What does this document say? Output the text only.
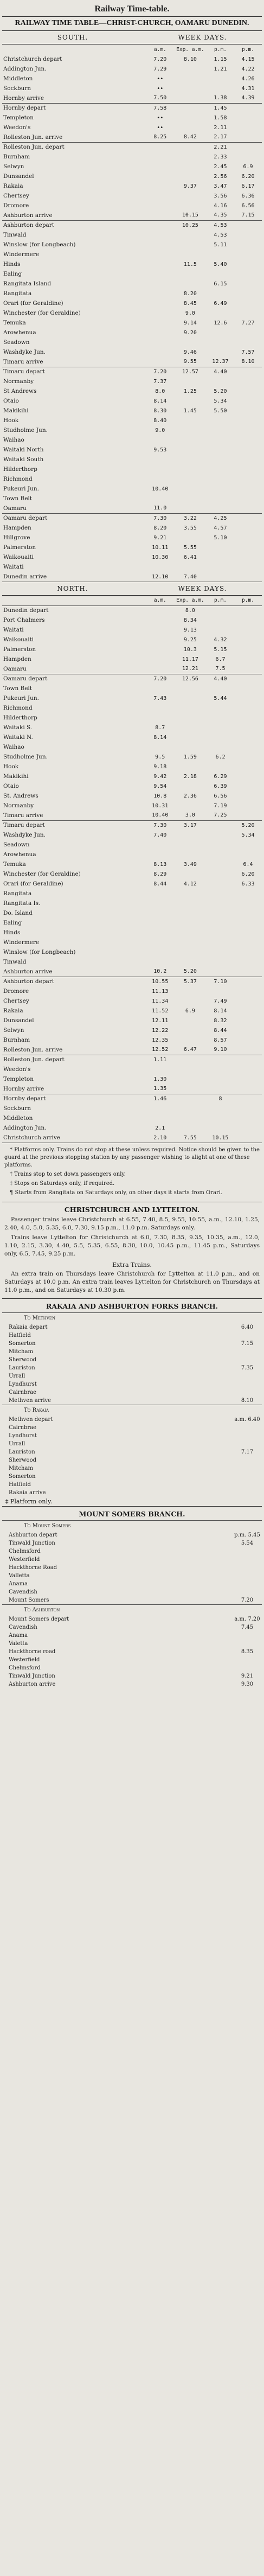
Railway Time-table.
RAILWAY TIME TABLE—CHRIST-CHURCH, OAMARU DUNEDIN.
SOUTH.	WEEK DAYS.
	a.m.	Exp. a.m.	p.m.	p.m.
Christchurch depart	7.20	8.10	1.15	4.15
Addington Jun.	7.29		1.21	4.22
Middleton	••			4.26
Sockburn	••			4.31
Hornby arrive	7.50		1.38	4.39
Hornby depart	7.58		1.45	
Templeton	••		1.58	
Weedon's	••		2.11	
Rolleston Jun. arrive	8.25	8.42	2.17	
Rolleston Jun. depart			2.21	
Burnham			2.33	
Selwyn			2.45	6.9
Dunsandel			2.56	6.20
Rakaia		9.37	3.47	6.17
Chertsey			3.56	6.36
Dromore			4.16	6.56
Ashburton arrive		10.15	4.35	7.15
Ashburton depart		10.25	4.53	
Tinwald			4.53	
Winslow (for Longbeach)			5.11	
Windermere				
Hinds		11.5	5.40	
Ealing				
Rangitata Island			6.15	
Rangitata		8.20		
Orari (for Geraldine)		8.45	6.49	
Winchester (for Geraldine)		9.0		
Temuka		9.14	12.6	7.27
Arowhenua		9.20		
Seadown				
Washdyke Jun.		9.46		7.57
Timaru arrive		9.55	12.37	8.10
Timaru depart	7.20	12.57	4.40	
Normanby	7.37			
St Andrews	8.0	1.25	5.20	
Otaio	8.14		5.34	
Makikihi	8.30	1.45	5.50	
Hook	8.40			
Studholme Jun.	9.0			
Waihao				
Waitaki North	9.53			
Waitaki South				
Hilderthorp				
Richmond				
Pukeuri Jun.	10.40			
Town Belt				
Oamaru	11.0			
Oamaru depart	7.30	3.22	4.25	
Hampden	8.20	3.55	4.57	
Hillgrove	9.21		5.10	
Palmerston	10.11	5.55		
Waikouaiti	10.30	6.41		
Waitati				
Dunedin arrive	12.10	7.40		
NORTH.	WEEK DAYS.
	a.m.	Exp. a.m.	p.m.	p.m.
Dunedin depart		8.0		
Port Chalmers		8.34		
Waitati		9.13		
Waikouaiti		9.25	4.32	
Palmerston		10.3	5.15	
Hampden		11.17	6.7	
Oamaru		12.21	7.5	
Oamaru depart	7.20	12.56	4.40	
Town Belt				
Pukeuri Jun.	7.43		5.44	
Richmond				
Hilderthorp				
Waitaki S.	8.7			
Waitaki N.	8.14			
Waihao				
Studholme Jun.	9.5	1.59	6.2	
Hook	9.18			
Makikihi	9.42	2.18	6.29	
Otaio	9.54		6.39	
St. Andrews	10.8	2.36	6.56	
Normanby	10.31		7.19	
Timaru arrive	10.40	3.0	7.25	
Timaru depart	7.30	3.17		5.20
Washdyke Jun.	7.40			5.34
Seadown				
Arowhenua				
Temuka	8.13	3.49		6.4
Winchester (for Geraldine)	8.29			6.20
Orari (for Geraldine)	8.44	4.12		6.33
Rangitata				
Rangitata Is.				
Do. Island				
Ealing				
Hinds				
Windermere				
Winslow (for Longbeach)				
Tinwald				
Ashburton arrive	10.2	5.20		
Ashburton depart	10.55	5.37	7.10	
Dromore	11.13			
Chertsey	11.34		7.49	
Rakaia	11.52	6.9	8.14	
Dunsandel	12.11		8.32	
Selwyn	12.22		8.44	
Burnham	12.35		8.57	
Rolleston Jun. arrive	12.52	6.47	9.10	
Rolleston Jun. depart	1.11			
Weedon's				
Templeton	1.30			
Hornby arrive	1.35			
Hornby depart	1.46		8	
Sockburn				
Middleton				
Addington Jun.	2.1			
Christchurch arrive	2.10	7.55	10.15	

* Platforms only. Trains do not stop at these unless required. Notice should be given to the guard at the previous stopping station by any passenger wishing to alight at one of these platforms.

† Trains stop to set down passengers only.

‡ Stops on Saturdays only, if required.

¶ Starts from Rangitata on Saturdays only, on other days it starts from Orari.

CHRISTCHURCH AND LYTTELTON.

Passenger trains leave Christchurch at 6.55, 7.40, 8.5, 9.55, 10.55, a.m., 12.10, 1.25, 2.40, 4.0, 5.0, 5.35, 6.0, 7.30, 9.15 p.m., 11.0 p.m. Saturdays only.

Trains leave Lyttelton for Christchurch at 6.0, 7.30, 8.35, 9.35, 10.35, a.m., 12.0, 1.10, 2.15, 3.30, 4.40, 5.5, 5.35, 6.55, 8.30, 10.0, 10.45 p.m., 11.45 p.m., Saturdays only, 6.5, 7.45, 9.25 p.m.

Extra Trains.

An extra train on Thursdays leave Christchurch for Lyttelton at 11.0 p.m., and on Saturdays at 10.0 p.m. An extra train leaves Lyttelton for Christchurch on Thursdays at 11.0 p.m., and on Saturdays at 10.30 p.m.

RAKAIA AND ASHBURTON FORKS BRANCH.
To Methven
Rakaia depart	6.40
Hatfield
Somerton	7.15
Mitcham
Sherwood
Lauriston	7.35
Urrall
Lyndhurst
Cairnbrae
Methven arrive	8.10
To Rakaia
Methven depart	a.m. 6.40
Cairnbrae
Lyndhurst
Urrall
Lauriston	7.17
Sherwood
Mitcham
Somerton
Hatfield
Rakaia arrive
‡ Platform only.
MOUNT SOMERS BRANCH.
To Mount Somers
Ashburton depart	p.m. 5.45
Tinwald Junction	5.54
Chelmsford
Westerfield
Hackthorne Road
Valletta
Anama
Cavendish
Mount Somers	7.20
To Ashburton
Mount Somers depart	a.m. 7.20
Cavendish	7.45
Anama
Valetta
Hackthorne road	8.35
Westerfield
Chelmsford
Tinwald Junction	9.21
Ashburton arrive	9.30
